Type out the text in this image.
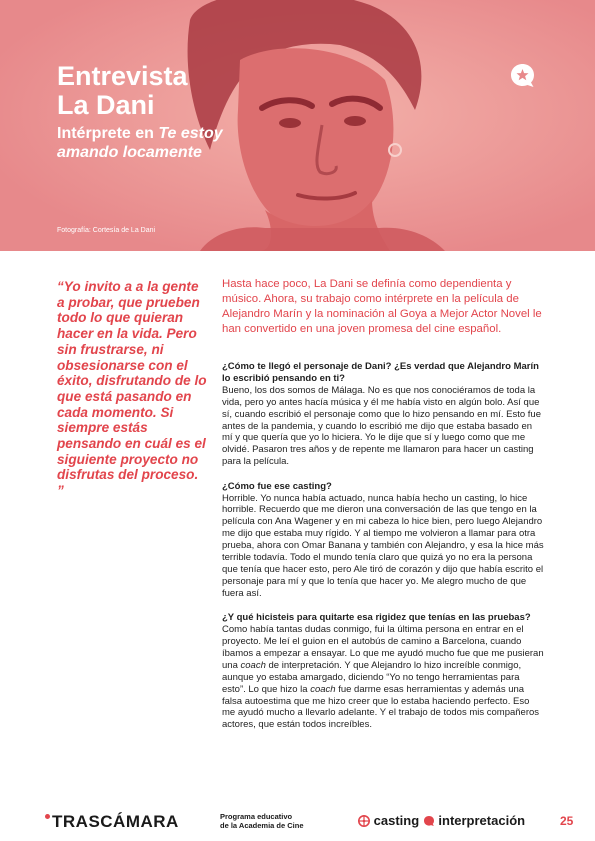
Entrevista
La Dani

Intérprete en Te estoy amando locamente

Fotografía: Cortesía de La Dani

“Yo invito a a la gente a probar, que prueben todo lo que quieran hacer en la vida. Pero sin frustrarse, ni obsesionarse con el éxito, disfrutando de lo que está pasando en cada momento. Si siempre estás pensando en cuál es el siguiente proyecto no disfrutas del proceso. ”

Hasta hace poco, La Dani se definía como dependienta y músico. Ahora, su trabajo como intérprete en la película de Alejandro Marín y la nominación al Goya a Mejor Actor Novel le han convertido en una joven promesa del cine español.

¿Cómo te llegó el personaje de Dani? ¿Es verdad que Alejandro Marín lo escribió pensando en ti?

Bueno, los dos somos de Málaga. No es que nos conociéramos de toda la vida, pero yo antes hacía música y él me había visto en algún bolo. Así que sí, cuando escribió el personaje como que lo hizo pensando en mí. Esto fue antes de la pandemia, y cuando lo escribió me dijo que estaba basado en mí y que quería que yo lo hiciera. Yo le dije que sí y luego como que me olvidé. Pasaron tres años y de repente me llamaron para hacer un casting para la película.

¿Cómo fue ese casting?

Horrible. Yo nunca había actuado, nunca había hecho un casting, lo hice horrible. Recuerdo que me dieron una conversación de las que tengo en la película con Ana Wagener y en mi cabeza lo hice bien, pero luego Alejandro me dijo que estaba muy rígido. Y al tiempo me volvieron a llamar para otra prueba, ahora con Omar Banana y también con Alejandro, y esa la hice más terrible todavía. Todo el mundo tenía claro que quizá yo no era la persona que tenía que hacer esto, pero Ale tiró de corazón y dijo que había escrito el personaje para mí y que lo tenía que hacer yo. Me alegro mucho de que fuera así.

¿Y qué hicisteis para quitarte esa rigidez que tenías en las pruebas?

Como había tantas dudas conmigo, fui la última persona en entrar en el proyecto. Me leí el guion en el autobús de camino a Barcelona, cuando íbamos a empezar a ensayar. Lo que me ayudó mucho fue que me pusieran una coach de interpretación. Y que Alejandro lo hizo increíble conmigo, aunque yo estaba amargado, diciendo “Yo no tengo herramientas para esto”. Lo que hizo la coach fue darme esas herramientas y además una falsa autoestima que me hizo creer que lo estaba haciendo perfecto. Eso me ayudó mucho a llevarlo adelante. Y el trabajo de todos mis compañeros actores, que están todos increíbles.

TRASCÁMARA	Programa educativo
de la Academia de Cine	casting interpretación	25
